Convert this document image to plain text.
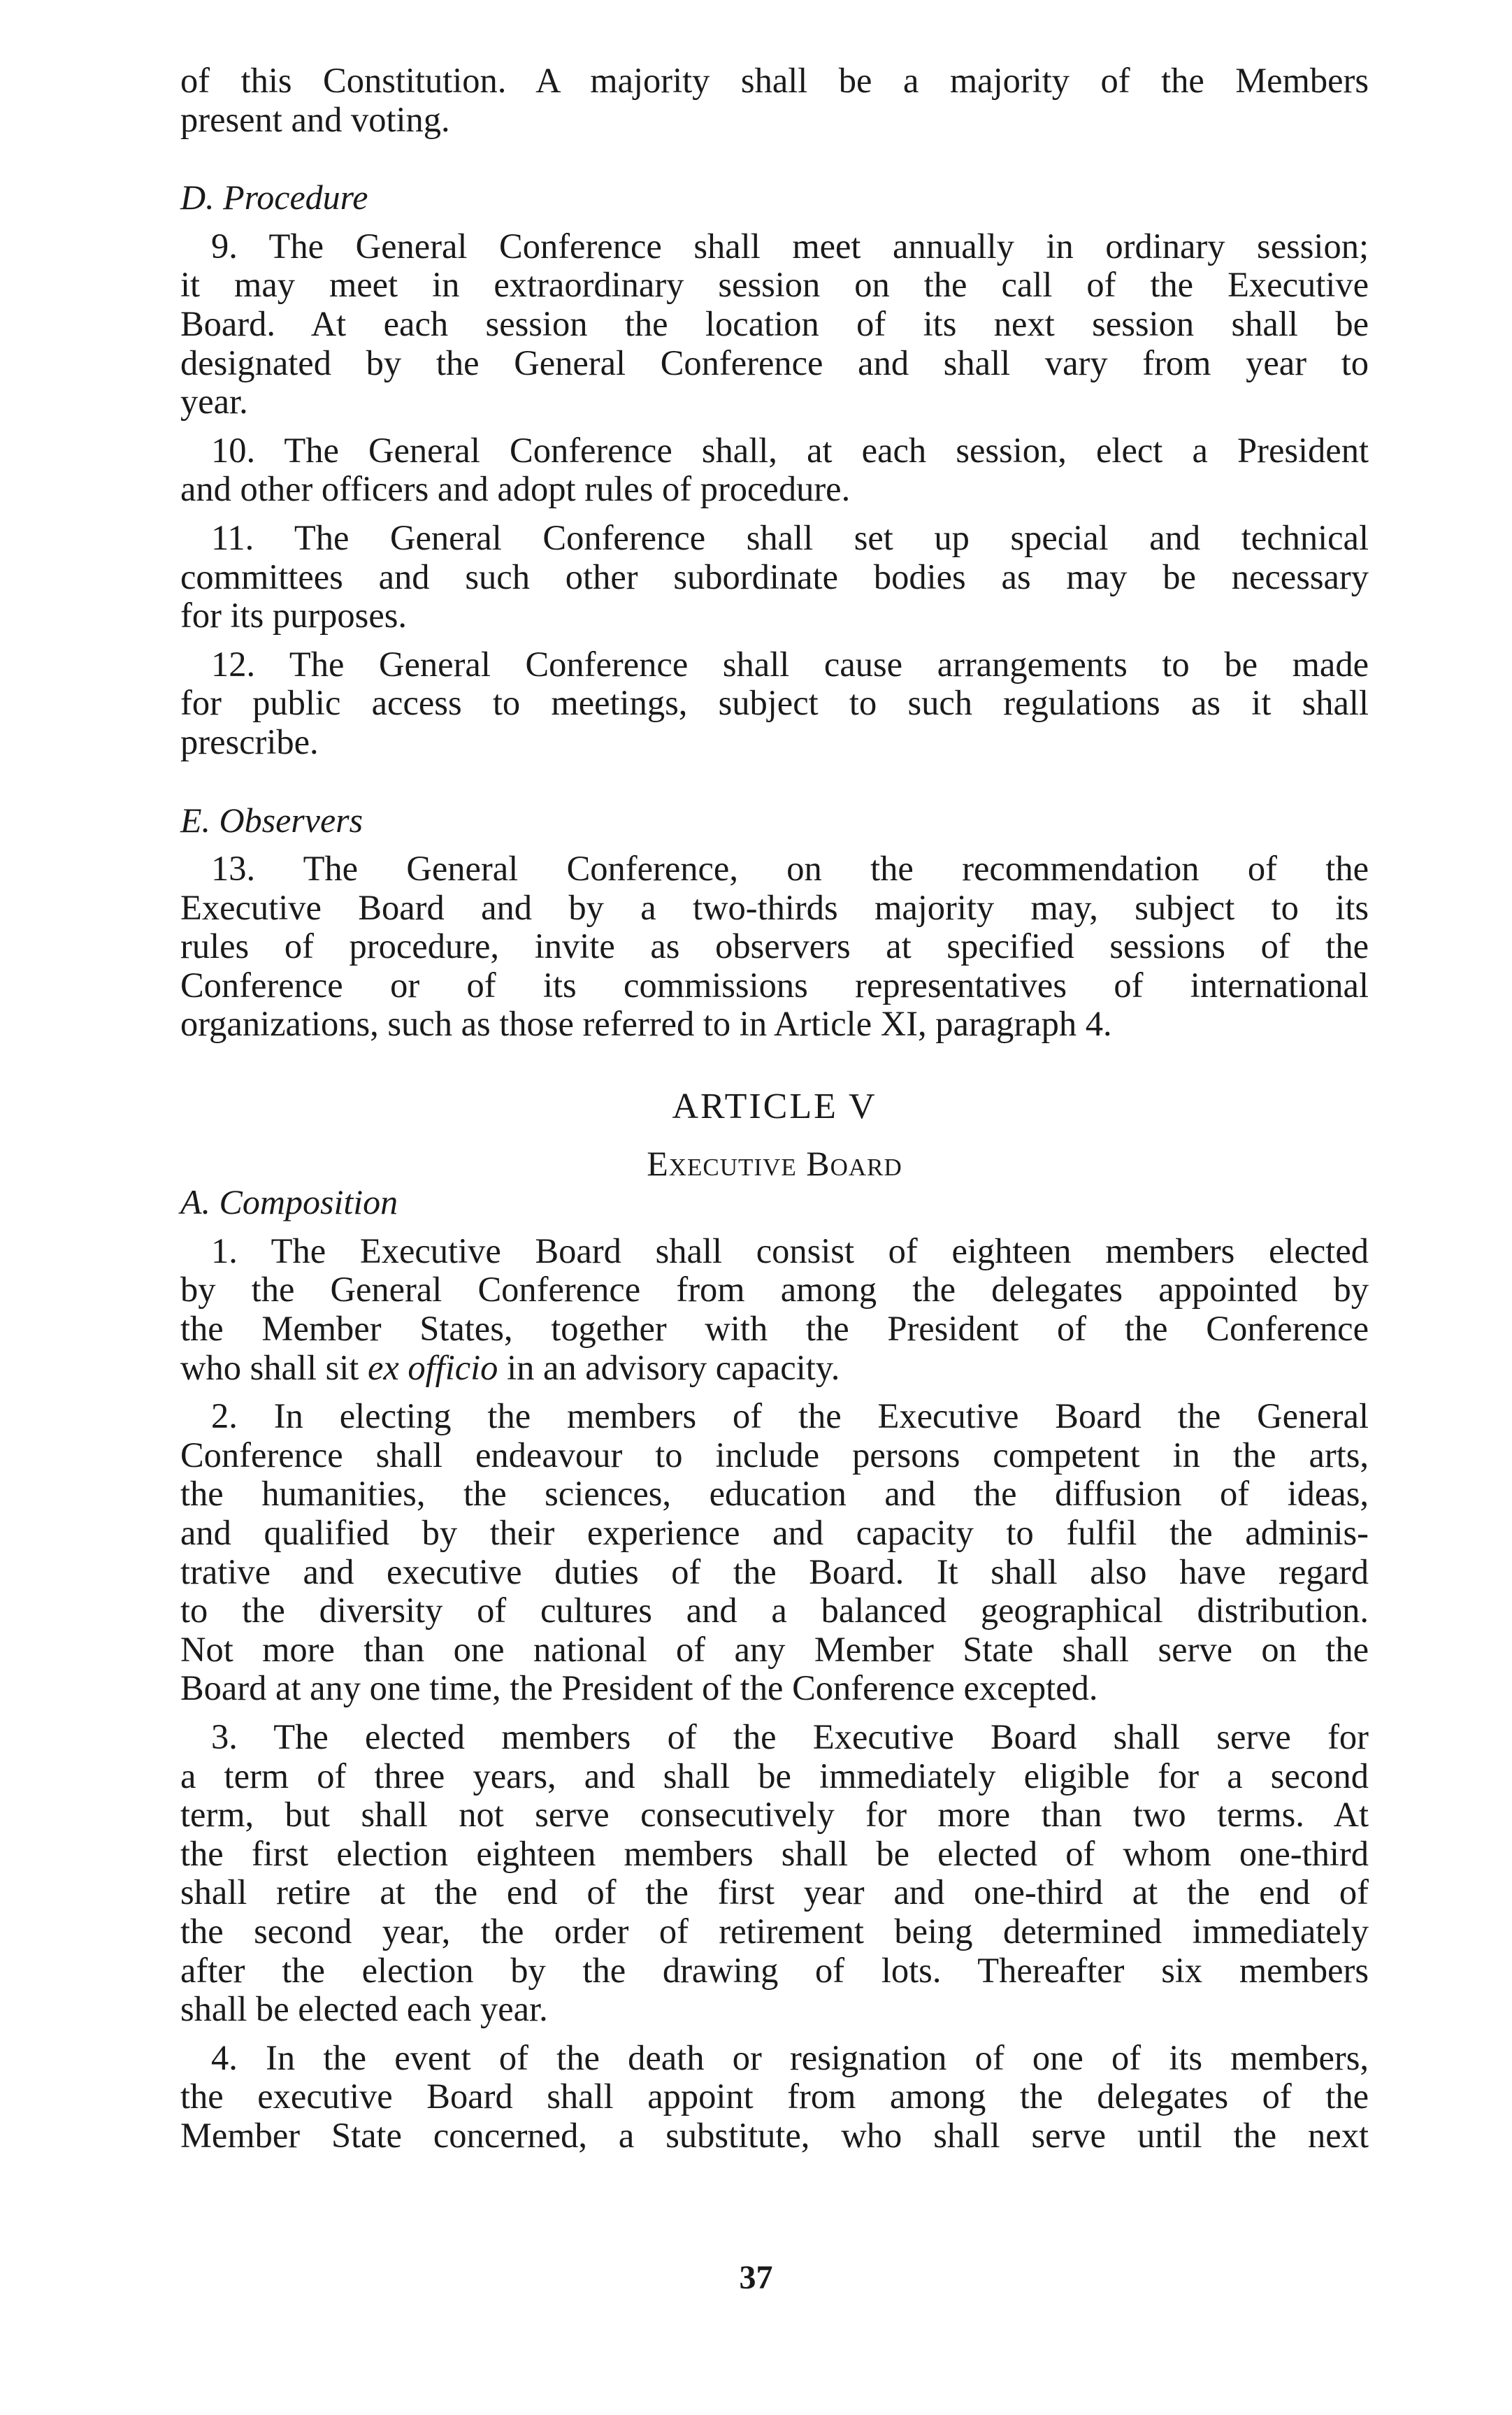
of this Constitution. A majority shall be a majority of the Members

present and voting.

D. Procedure

9. The General Conference shall meet annually in ordinary session;

it may meet in extraordinary session on the call of the Executive

Board. At each session the location of its next session shall be

designated by the General Conference and shall vary from year to

year.

10. The General Conference shall, at each session, elect a President

and other officers and adopt rules of procedure.

11. The General Conference shall set up special and technical

committees and such other subordinate bodies as may be necessary

for its purposes.

12. The General Conference shall cause arrangements to be made

for public access to meetings, subject to such regulations as it shall

prescribe.

E. Observers

13. The General Conference, on the recommendation of the

Executive Board and by a two-thirds majority may, subject to its

rules of procedure, invite as observers at specified sessions of the

Conference or of its commissions representatives of international

organizations, such as those referred to in Article XI, paragraph 4.

ARTICLE V
Executive Board
A. Composition

1. The Executive Board shall consist of eighteen members elected

by the General Conference from among the delegates appointed by

the Member States, together with the President of the Conference

who shall sit ex officio in an advisory capacity.

2. In electing the members of the Executive Board the General

Conference shall endeavour to include persons competent in the arts,

the humanities, the sciences, education and the diffusion of ideas,

and qualified by their experience and capacity to fulfil the adminis-

trative and executive duties of the Board. It shall also have regard

to the diversity of cultures and a balanced geographical distribution.

Not more than one national of any Member State shall serve on the

Board at any one time, the President of the Conference excepted.

3. The elected members of the Executive Board shall serve for

a term of three years, and shall be immediately eligible for a second

term, but shall not serve consecutively for more than two terms. At

the first election eighteen members shall be elected of whom one-third

shall retire at the end of the first year and one-third at the end of

the second year, the order of retirement being determined immediately

after the election by the drawing of lots. Thereafter six members

shall be elected each year.

4. In the event of the death or resignation of one of its members,

the executive Board shall appoint from among the delegates of the

Member State concerned, a substitute, who shall serve until the next

37
